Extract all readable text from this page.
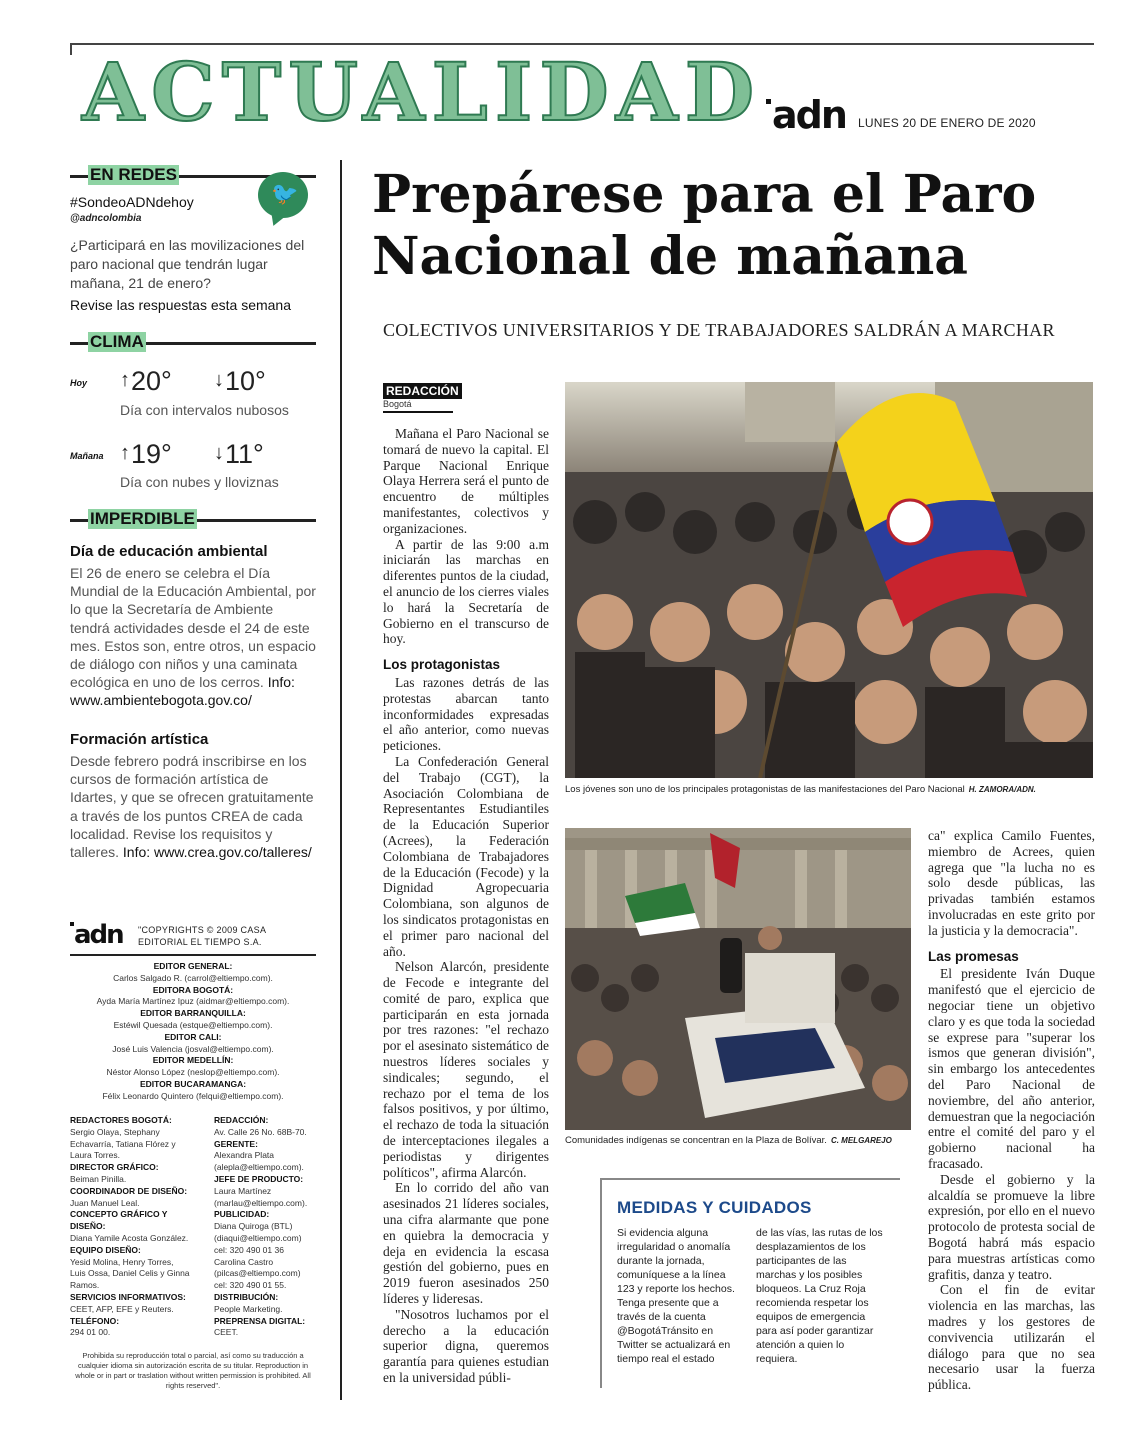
ACTUALIDAD adn LUNES 20 DE ENERO DE 2020
EN REDES
🐦
#SondeoADNdehoy
@adncolombia
¿Participará en las movilizaciones del paro nacional que tendrán lugar mañana, 21 de enero?
Revise las respuestas esta semana
CLIMA
Hoy ↑20° ↓10°
Día con intervalos nubosos
Mañana ↑19° ↓11°
Día con nubes y lloviznas
IMPERDIBLE
Día de educación ambiental
El 26 de enero se celebra el Día Mundial de la Educación Ambiental, por lo que la Secretaría de Ambiente tendrá actividades desde el 24 de este mes. Estos son, entre otros, un espacio de diálogo con niños y una caminata ecológica en uno de los cerros. Info: www.ambientebogota.gov.co/
Formación artística
Desde febrero podrá inscribirse en los cursos de formación artística de Idartes, y que se ofrecen gratuitamente a través de los puntos CREA de cada localidad. Revise los requisitos y talleres. Info: www.crea.gov.co/talleres/
adn "COPYRIGHTS © 2009 CASA EDITORIAL EL TIEMPO S.A.
EDITOR GENERAL:
Carlos Salgado R. (carrol@eltiempo.com).
EDITORA BOGOTÁ:
Ayda María Martínez Ipuz (aidmar@eltiempo.com).
EDITOR BARRANQUILLA:
Estéwil Quesada (estque@eltiempo.com).
EDITOR CALI:
José Luis Valencia (josval@eltiempo.com).
EDITOR MEDELLÍN:
Néstor Alonso López (neslop@eltiempo.com).
EDITOR BUCARAMANGA:
Félix Leonardo Quintero (felqui@eltiempo.com).
REDACTORES BOGOTÁ:
Sergio Olaya, Stephany Echavarría, Tatiana Flórez y Laura Torres.
DIRECTOR GRÁFICO:
Beiman Pinilla.
COORDINADOR DE DISEÑO:
Juan Manuel Leal.
CONCEPTO GRÁFICO Y DISEÑO:
Diana Yamile Acosta González.
EQUIPO DISEÑO:
Yesid Molina, Henry Torres, Luis Ossa, Daniel Celis y Ginna Ramos.
SERVICIOS INFORMATIVOS:
CEET, AFP, EFE y Reuters.
TELÉFONO:
294 01 00.
REDACCIÓN:
Av. Calle 26 No. 68B-70.
GERENTE:
Alexandra Plata (alepla@eltiempo.com).
JEFE DE PRODUCTO:
Laura Martínez (marlau@eltiempo.com).
PUBLICIDAD:
Diana Quiroga (BTL) (diaqui@eltiempo.com) cel: 320 490 01 36 Carolina Castro (pilcas@eltiempo.com) cel: 320 490 01 55.
DISTRIBUCIÓN:
People Marketing.
PREPRENSA DIGITAL:
CEET.
Prohibida su reproducción total o parcial, así como su traducción a cualquier idioma sin autorización escrita de su titular. Reproduction in whole or in part or traslation without written permission is prohibited. All rights reserved".
Prepárese para el Paro Nacional de mañana
COLECTIVOS UNIVERSITARIOS Y DE TRABAJADORES SALDRÁN A MARCHAR
REDACCIÓN
Bogotá

Mañana el Paro Nacional se tomará de nuevo la capital. El Parque Nacional Enrique Olaya Herrera será el punto de encuentro de múltiples manifestantes, colectivos y organizaciones.

A partir de las 9:00 a.m iniciarán las marchas en diferentes puntos de la ciudad, el anuncio de los cierres viales lo hará la Secretaría de Gobierno en el transcurso de hoy.

Los protagonistas

Las razones detrás de las protestas abarcan tanto inconformidades expresadas el año anterior, como nuevas peticiones.

La Confederación General del Trabajo (CGT), la Asociación Colombiana de Representantes Estudiantiles de la Educación Superior (Acrees), la Federación Colombiana de Trabajadores de la Educación (Fecode) y la Dignidad Agropecuaria Colombiana, son algunos de los sindicatos protagonistas en el primer paro nacional del año.

Nelson Alarcón, presidente de Fecode e integrante del comité de paro, explica que participarán en esta jornada por tres razones: "el rechazo por el asesinato sistemático de nuestros líderes sociales y sindicales; segundo, el rechazo por el tema de los falsos positivos, y por último, el rechazo de toda la situación de interceptaciones ilegales a periodistas y dirigentes políticos", afirma Alarcón.

En lo corrido del año van asesinados 21 líderes sociales, una cifra alarmante que pone en quiebra la democracia y deja en evidencia la escasa gestión del gobierno, pues en 2019 fueron asesinados 250 líderes y lideresas.

"Nosotros luchamos por el derecho a la educación superior digna, queremos garantía para quienes estudian en la universidad públi-

ca" explica Camilo Fuentes, miembro de Acrees, quien agrega que "la lucha no es solo desde públicas, las privadas también estamos involucradas en este grito por la justicia y la democracia".

Las promesas

El presidente Iván Duque manifestó que el ejercicio de negociar tiene un objetivo claro y es que toda la sociedad se exprese para "superar los ismos que generan división", sin embargo los antecedentes del Paro Nacional de noviembre, del año anterior, demuestran que la negociación entre el comité del paro y el gobierno nacional ha fracasado.

Desde el gobierno y la alcaldía se promueve la libre expresión, por ello en el nuevo protocolo de protesta social de Bogotá habrá más espacio para muestras artísticas como grafitis, danza y teatro.

Con el fin de evitar violencia en las marchas, las madres y los gestores de convivencia utilizarán el diálogo para que no sea necesario usar la fuerza pública.

Los jóvenes son uno de los principales protagonistas de las manifestaciones del Paro Nacional H. ZAMORA/ADN.
Comunidades indígenas se concentran en la Plaza de Bolívar. C. MELGAREJO
MEDIDAS Y CUIDADOS
Si evidencia alguna irregularidad o anomalía durante la jornada, comuníquese a la línea 123 y reporte los hechos. Tenga presente que a través de la cuenta @BogotáTránsito en Twitter se actualizará en tiempo real el estado
de las vías, las rutas de los desplazamientos de los participantes de las marchas y los posibles bloqueos. La Cruz Roja recomienda respetar los equipos de emergencia para así poder garantizar atención a quien lo requiera.
